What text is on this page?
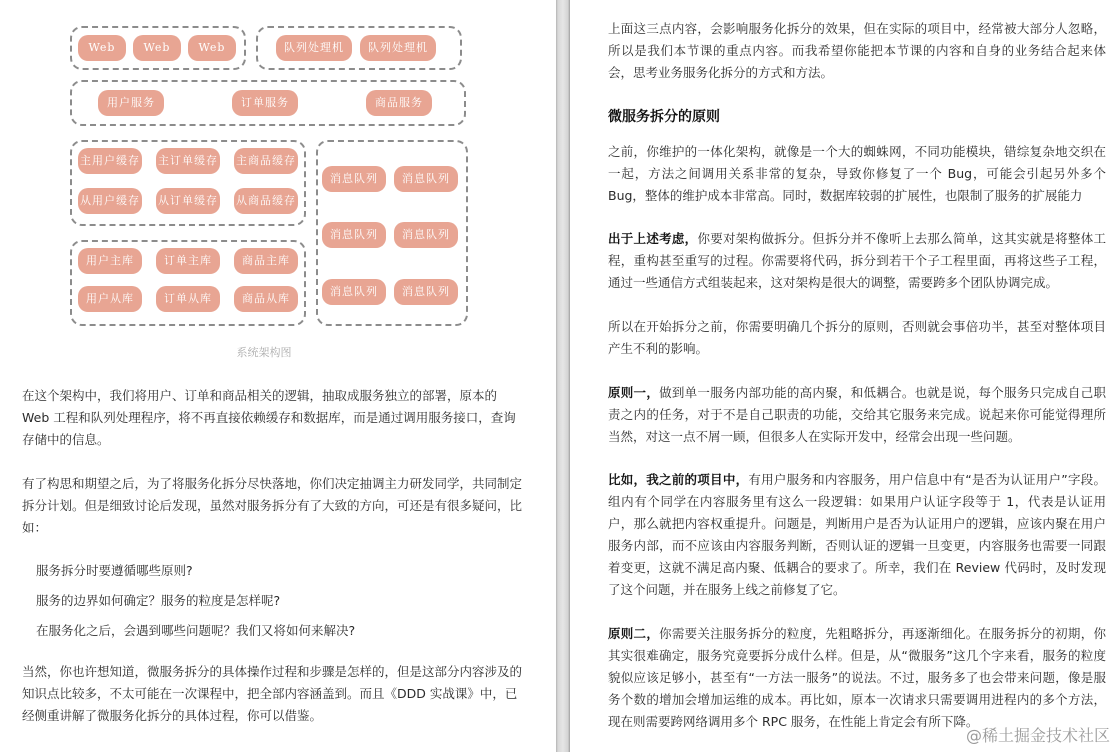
Web	Web	Web	队列处理机	队列处理机
用户服务	订单服务	商品服务
主用户缓存 主订单缓存 主商品缓存
从用户缓存 从订单缓存 从商品缓存
用户主库	订单主库	商品主库
用户从库	订单从库	商品从库
消息队列	消息队列
消息队列	消息队列
消息队列	消息队列
系统架构图

在这个架构中，我们将用户、订单和商品相关的逻辑，抽取成服务独立的部署，原本的 Web 工程和队列处理程序，将不再直接依赖缓存和数据库，而是通过调用服务接口，查询存储中的信息。

有了构思和期望之后，为了将服务化拆分尽快落地，你们决定抽调主力研发同学，共同制定拆分计划。但是细致讨论后发现，虽然对服务拆分有了大致的方向，可还是有很多疑问，比如：

服务拆分时要遵循哪些原则?
服务的边界如何确定？服务的粒度是怎样呢?
在服务化之后，会遇到哪些问题呢？我们又将如何来解决?

当然，你也许想知道，微服务拆分的具体操作过程和步骤是怎样的，但是这部分内容涉及的知识点比较多，不太可能在一次课程中，把全部内容涵盖到。而且《DDD 实战课》中，已经侧重讲解了微服务化拆分的具体过程，你可以借鉴。

上面这三点内容，会影响服务化拆分的效果，但在实际的项目中，经常被大部分人忽略，所以是我们本节课的重点内容。而我希望你能把本节课的内容和自身的业务结合起来体会，思考业务服务化拆分的方式和方法。

微服务拆分的原则

之前，你维护的一体化架构，就像是一个大的蜘蛛网，不同功能模块，错综复杂地交织在一起，方法之间调用关系非常的复杂，导致你修复了一个 Bug，可能会引起另外多个 Bug，整体的维护成本非常高。同时，数据库较弱的扩展性，也限制了服务的扩展能力

出于上述考虑，你要对架构做拆分。但拆分并不像听上去那么简单，这其实就是将整体工程，重构甚至重写的过程。你需要将代码，拆分到若干个子工程里面，再将这些子工程，通过一些通信方式组装起来，这对架构是很大的调整，需要跨多个团队协调完成。

所以在开始拆分之前，你需要明确几个拆分的原则，否则就会事倍功半，甚至对整体项目产生不利的影响。

原则一，做到单一服务内部功能的高内聚，和低耦合。也就是说，每个服务只完成自己职责之内的任务，对于不是自己职责的功能，交给其它服务来完成。说起来你可能觉得理所当然，对这一点不屑一顾，但很多人在实际开发中，经常会出现一些问题。

比如，我之前的项目中，有用户服务和内容服务，用户信息中有“是否为认证用户”字段。组内有个同学在内容服务里有这么一段逻辑：如果用户认证字段等于 1，代表是认证用户，那么就把内容权重提升。问题是，判断用户是否为认证用户的逻辑，应该内聚在用户服务内部，而不应该由内容服务判断，否则认证的逻辑一旦变更，内容服务也需要一同跟着变更，这就不满足高内聚、低耦合的要求了。所幸，我们在 Review 代码时，及时发现了这个问题，并在服务上线之前修复了它。

原则二，你需要关注服务拆分的粒度，先粗略拆分，再逐渐细化。在服务拆分的初期，你其实很难确定，服务究竟要拆分成什么样。但是，从“微服务”这几个字来看，服务的粒度貌似应该足够小，甚至有“一方法一服务”的说法。不过，服务多了也会带来问题，像是服务个数的增加会增加运维的成本。再比如，原本一次请求只需要调用进程内的多个方法，现在则需要跨网络调用多个 RPC 服务，在性能上肯定会有所下降。

@稀土掘金技术社区
